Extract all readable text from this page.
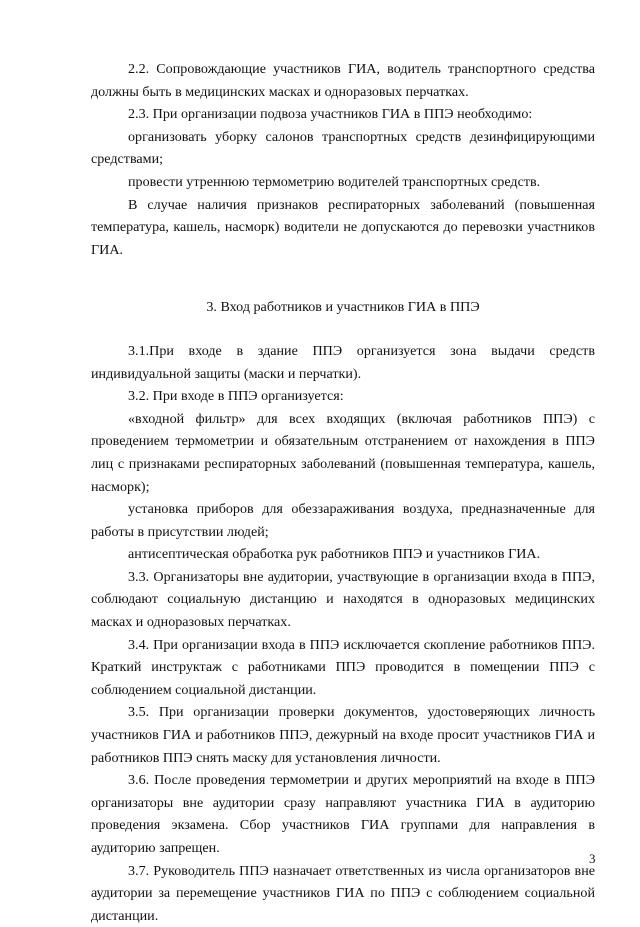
2.2. Сопровождающие участников ГИА, водитель транспортного средства должны быть в медицинских масках и одноразовых перчатках.

2.3. При организации подвоза участников ГИА в ППЭ необходимо:

организовать уборку салонов транспортных средств дезинфицирующими средствами;

провести утреннюю термометрию водителей транспортных средств.

В случае наличия признаков респираторных заболеваний (повышенная температура, кашель, насморк) водители не допускаются до перевозки участников ГИА.

3. Вход работников и участников ГИА в ППЭ

3.1.При входе в здание ППЭ организуется зона выдачи средств индивидуальной защиты (маски и перчатки).

3.2. При входе в ППЭ организуется:

«входной фильтр» для всех входящих (включая работников ППЭ) с проведением термометрии и обязательным отстранением от нахождения в ППЭ лиц с признаками респираторных заболеваний (повышенная температура, кашель, насморк);

установка приборов для обеззараживания воздуха, предназначенные для работы в присутствии людей;

антисептическая обработка рук работников ППЭ и участников ГИА.

3.3. Организаторы вне аудитории, участвующие в организации входа в ППЭ, соблюдают социальную дистанцию и находятся в одноразовых медицинских масках и одноразовых перчатках.

3.4. При организации входа в ППЭ исключается скопление работников ППЭ. Краткий инструктаж с работниками ППЭ проводится в помещении ППЭ с соблюдением социальной дистанции.

3.5. При организации проверки документов, удостоверяющих личность участников ГИА и работников ППЭ, дежурный на входе просит участников ГИА и работников ППЭ снять маску для установления личности.

3.6. После проведения термометрии и других мероприятий на входе в ППЭ организаторы вне аудитории сразу направляют участника ГИА в аудиторию проведения экзамена. Сбор участников ГИА группами для направления в аудиторию запрещен.

3.7. Руководитель ППЭ назначает ответственных из числа организаторов вне аудитории за перемещение участников ГИА по ППЭ с соблюдением социальной дистанции.

3
